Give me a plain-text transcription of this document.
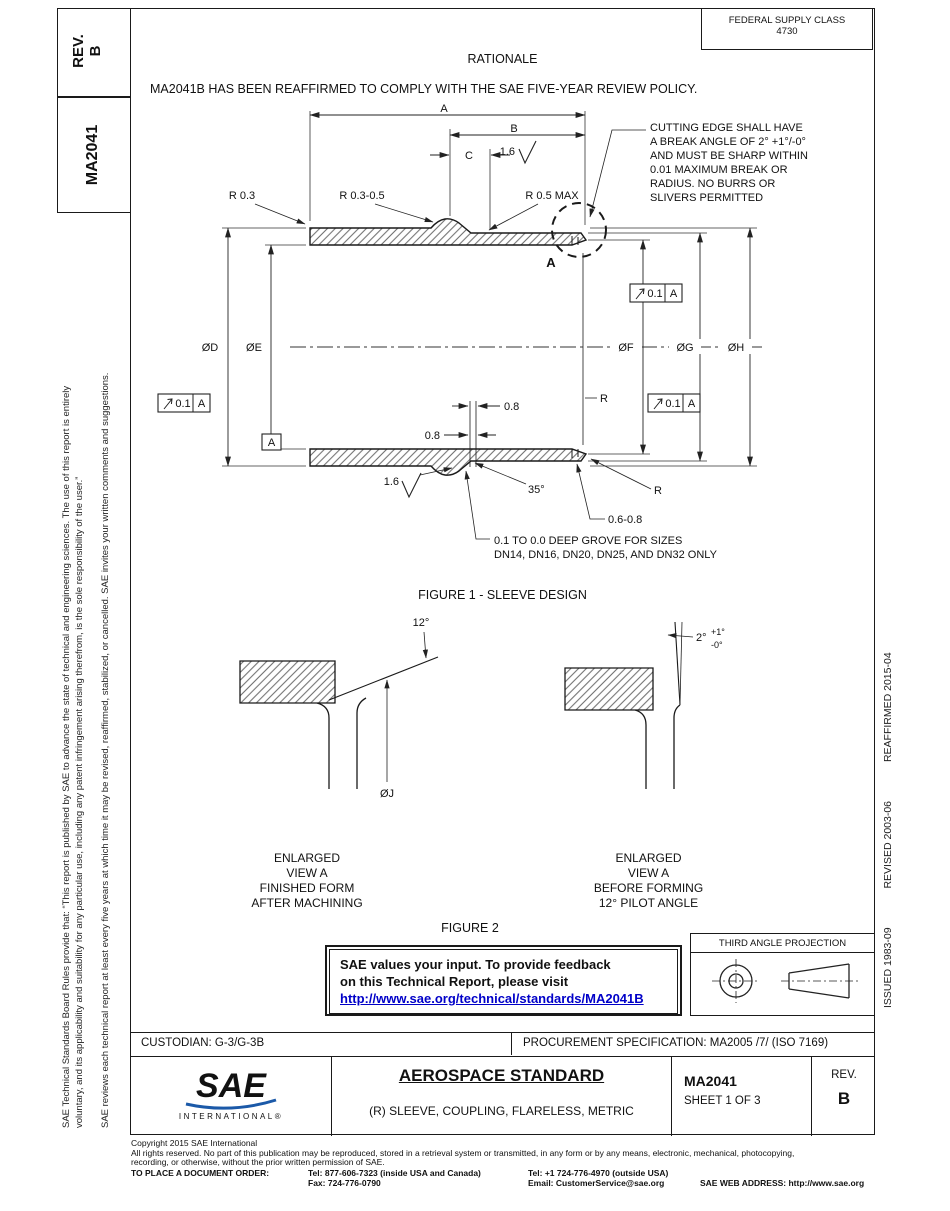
REV. B
MA2041
SAE Technical Standards Board Rules provide that: “This report is published by SAE to advance the state of technical and engineering sciences. The use of this report is entirely voluntary, and its applicability and suitability for any particular use, including any patent infringement arising therefrom, is the sole responsibility of the user.” SAE reviews each technical report at least every five years at which time it may be revised, reaffirmed, stabilized, or cancelled. SAE invites your written comments and suggestions.	ISSUED 1983-09 REVISED 2003-06 REAFFIRMED 2015-04
FEDERAL SUPPLY CLASS
4730
RATIONALE
MA2041B HAS BEEN REAFFIRMED TO COMPLY WITH THE SAE FIVE-YEAR REVIEW POLICY.
0.1 A
0.1 A
0.1 A
A
A
B
C 1.6
R 0.3	R 0.3-0.5	R 0.5 MAX
CUTTING EDGE SHALL HAVE
A BREAK ANGLE OF 2° +1°/-0°
AND MUST BE SHARP WITHIN
0.01 MAXIMUM BREAK OR
RADIUS. NO BURRS OR
SLIVERS PERMITTED
A
ØD	ØE	ØF	ØG	ØH
0.8
0.8
R
R
35°
1.6
0.6-0.8
0.1 TO 0.0 DEEP GROVE FOR SIZES
DN14, DN16, DN20, DN25, AND DN32 ONLY
FIGURE 1 - SLEEVE DESIGN
12°
ØJ
2° +1°
-0°
ENLARGED
VIEW A
FINISHED FORM
AFTER MACHINING
ENLARGED
VIEW A
BEFORE FORMING
12° PILOT ANGLE
FIGURE 2
SAE values your input. To provide feedback
on this Technical Report, please visit
http://www.sae.org/technical/standards/MA2041B
THIRD ANGLE PROJECTION
CUSTODIAN: G-3/G-3B	PROCUREMENT SPECIFICATION: MA2005 /7/ (ISO 7169)
SAE
INTERNATIONAL®
AEROSPACE STANDARD
(R) SLEEVE, COUPLING, FLARELESS, METRIC
MA2041
SHEET 1 OF 3
REV.
B
Copyright 2015 SAE International
All rights reserved. No part of this publication may be reproduced, stored in a retrieval system or transmitted, in any form or by any means, electronic, mechanical, photocopying,
recording, or otherwise, without the prior written permission of SAE.
TO PLACE A DOCUMENT ORDER:	Tel: 877-606-7323 (inside USA and Canada)	Tel: +1 724-776-4970 (outside USA)
Fax: 724-776-0790	Email: CustomerService@sae.org	SAE WEB ADDRESS: http://www.sae.org
